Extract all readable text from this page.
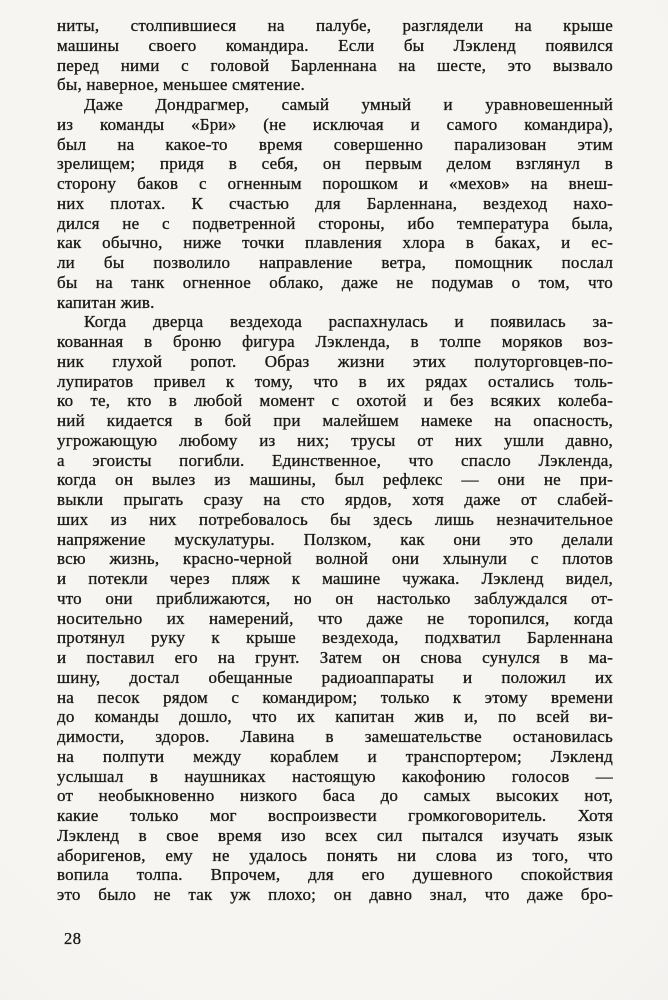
ниты, столпившиеся на палубе, разглядели на крыше
машины своего командира. Если бы Лэкленд появился
перед ними с головой Барленнана на шесте, это вызвало
бы, наверное, меньшее смятение.
Даже Дондрагмер, самый умный и уравновешенный
из команды «Бри» (не исключая и самого командира),
был на какое-то время совершенно парализован этим
зрелищем; придя в себя, он первым делом взглянул в
сторону баков с огненным порошком и «мехов» на внеш-
них плотах. К счастью для Барленнана, вездеход нахо-
дился не с подветренной стороны, ибо температура была,
как обычно, ниже точки плавления хлора в баках, и ес-
ли бы позволило направление ветра, помощник послал
бы на танк огненное облако, даже не подумав о том, что
капитан жив.
Когда дверца вездехода распахнулась и появилась за-
кованная в броню фигура Лэкленда, в толпе моряков воз-
ник глухой ропот. Образ жизни этих полуторговцев-по-
лупиратов привел к тому, что в их рядах остались толь-
ко те, кто в любой момент с охотой и без всяких колеба-
ний кидается в бой при малейшем намеке на опасность,
угрожающую любому из них; трусы от них ушли давно,
а эгоисты погибли. Единственное, что спасло Лэкленда,
когда он вылез из машины, был рефлекс — они не при-
выкли прыгать сразу на сто ярдов, хотя даже от слабей-
ших из них потребовалось бы здесь лишь незначительное
напряжение мускулатуры. Ползком, как они это делали
всю жизнь, красно-черной волной они хлынули с плотов
и потекли через пляж к машине чужака. Лэкленд видел,
что они приближаются, но он настолько заблуждался от-
носительно их намерений, что даже не торопился, когда
протянул руку к крыше вездехода, подхватил Барленнана
и поставил его на грунт. Затем он снова сунулся в ма-
шину, достал обещанные радиоаппараты и положил их
на песок рядом с командиром; только к этому времени
до команды дошло, что их капитан жив и, по всей ви-
димости, здоров. Лавина в замешательстве остановилась
на полпути между кораблем и транспортером; Лэкленд
услышал в наушниках настоящую какофонию голосов —
от необыкновенно низкого баса до самых высоких нот,
какие только мог воспроизвести громкоговоритель. Хотя
Лэкленд в свое время изо всех сил пытался изучать язык
аборигенов, ему не удалось понять ни слова из того, что
вопила толпа. Впрочем, для его душевного спокойствия
это было не так уж плохо; он давно знал, что даже бро-
28
